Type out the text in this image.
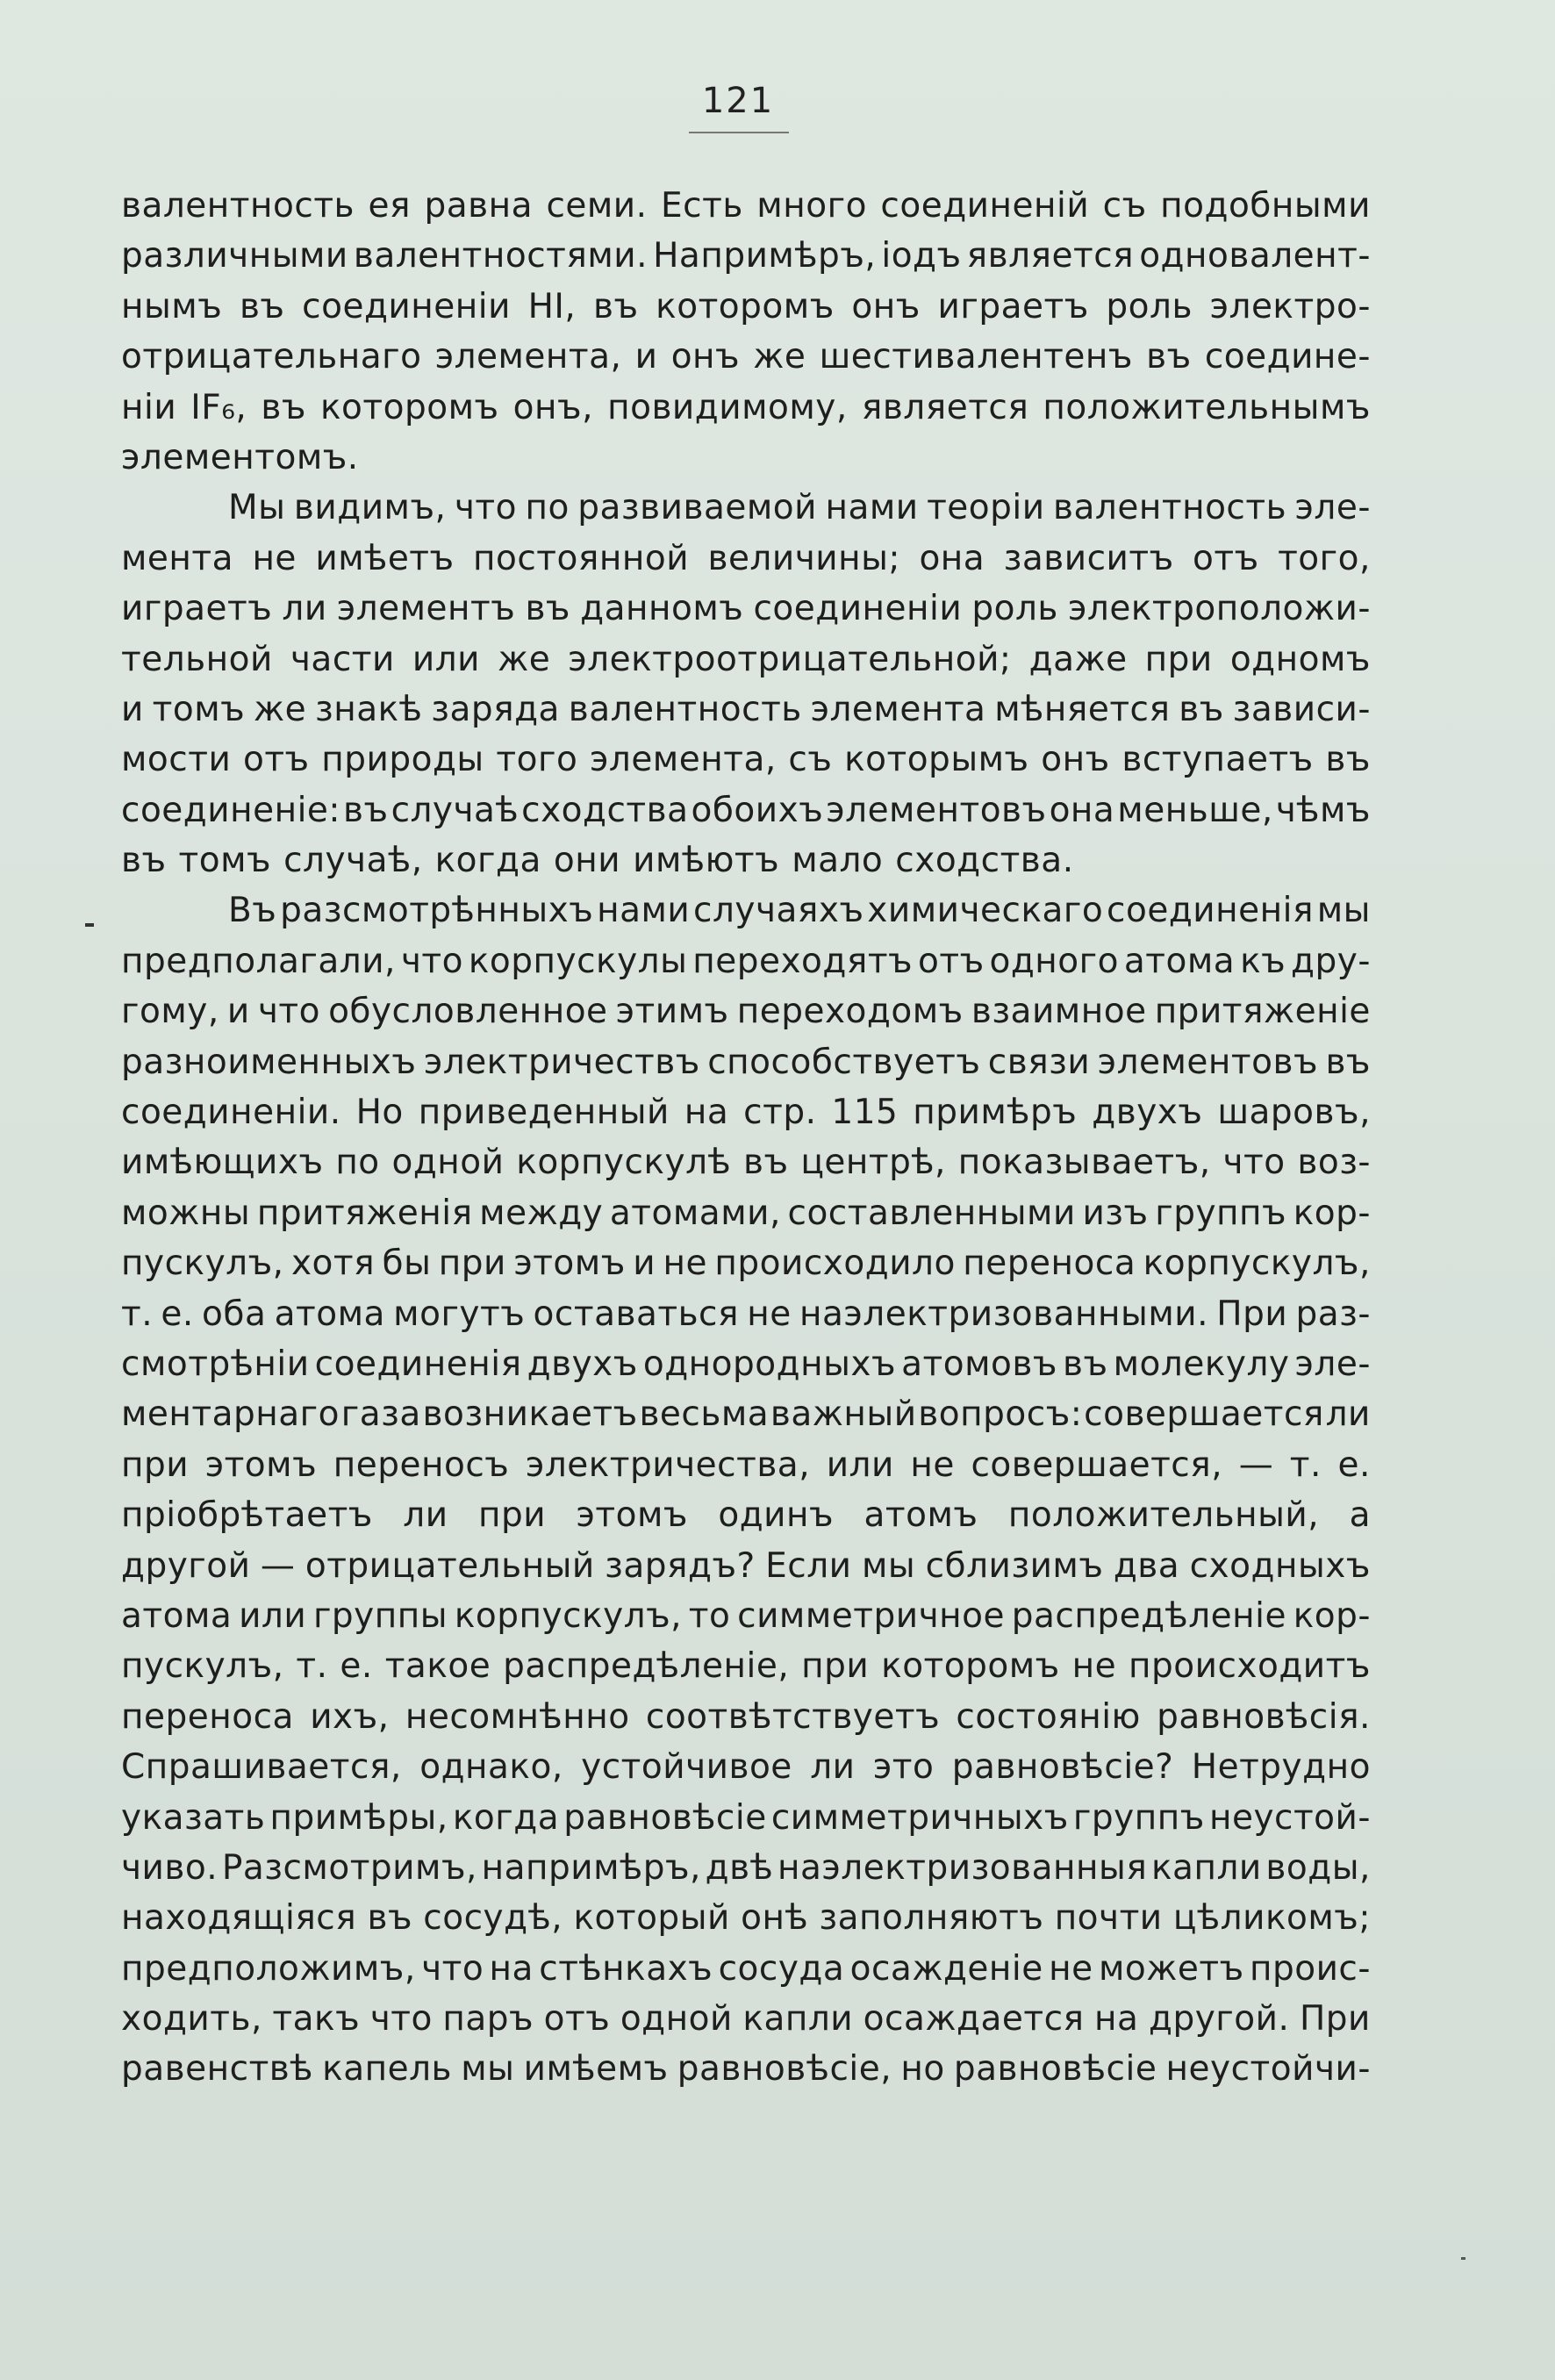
121
валентность ея равна семи. Есть много соединеній съ подобными
различными валентностями. Напримѣръ, іодъ является одновалент-
нымъ въ соединеніи HI, въ которомъ онъ играетъ роль электро-
отрицательнаго элемента, и онъ же шестивалентенъ въ соедине-
ніи IF₆, въ которомъ онъ, повидимому, является положительнымъ
элементомъ.
Мы видимъ, что по развиваемой нами теоріи валентность эле-
мента не имѣетъ постоянной величины; она зависитъ отъ того,
играетъ ли элементъ въ данномъ соединеніи роль электроположи-
тельной части или же электроотрицательной; даже при одномъ
и томъ же знакѣ заряда валентность элемента мѣняется въ зависи-
мости отъ природы того элемента, съ которымъ онъ вступаетъ въ
соединеніе: въ случаѣ сходства обоихъ элементовъ она меньше, чѣмъ
въ томъ случаѣ, когда они имѣютъ мало сходства.
Въ разсмотрѣнныхъ нами случаяхъ химическаго соединенія мы
предполагали, что корпускулы переходятъ отъ одного атома къ дру-
гому, и что обусловленное этимъ переходомъ взаимное притяженіе
разноименныхъ электричествъ способствуетъ связи элементовъ въ
соединеніи. Но приведенный на стр. 115 примѣръ двухъ шаровъ,
имѣющихъ по одной корпускулѣ въ центрѣ, показываетъ, что воз-
можны притяженія между атомами, составленными изъ группъ кор-
пускулъ, хотя бы при этомъ и не происходило переноса корпускулъ,
т. е. оба атома могутъ оставаться не наэлектризованными. При раз-
смотрѣніи соединенія двухъ однородныхъ атомовъ въ молекулу эле-
ментарнаго газа возникаетъ весьма важный вопросъ: совершается ли
при этомъ переносъ электричества, или не совершается, — т. е.
пріобрѣтаетъ ли при этомъ одинъ атомъ положительный, а
другой — отрицательный зарядъ? Если мы сблизимъ два сходныхъ
атома или группы корпускулъ, то симметричное распредѣленіе кор-
пускулъ, т. е. такое распредѣленіе, при которомъ не происходитъ
переноса ихъ, несомнѣнно соотвѣтствуетъ состоянію равновѣсія.
Спрашивается, однако, устойчивое ли это равновѣсіе? Нетрудно
указать примѣры, когда равновѣсіе симметричныхъ группъ неустой-
чиво. Разсмотримъ, напримѣръ, двѣ наэлектризованныя капли воды,
находящіяся въ сосудѣ, который онѣ заполняютъ почти цѣликомъ;
предположимъ, что на стѣнкахъ сосуда осажденіе не можетъ проис-
ходить, такъ что паръ отъ одной капли осаждается на другой. При
равенствѣ капель мы имѣемъ равновѣсіе, но равновѣсіе неустойчи-
